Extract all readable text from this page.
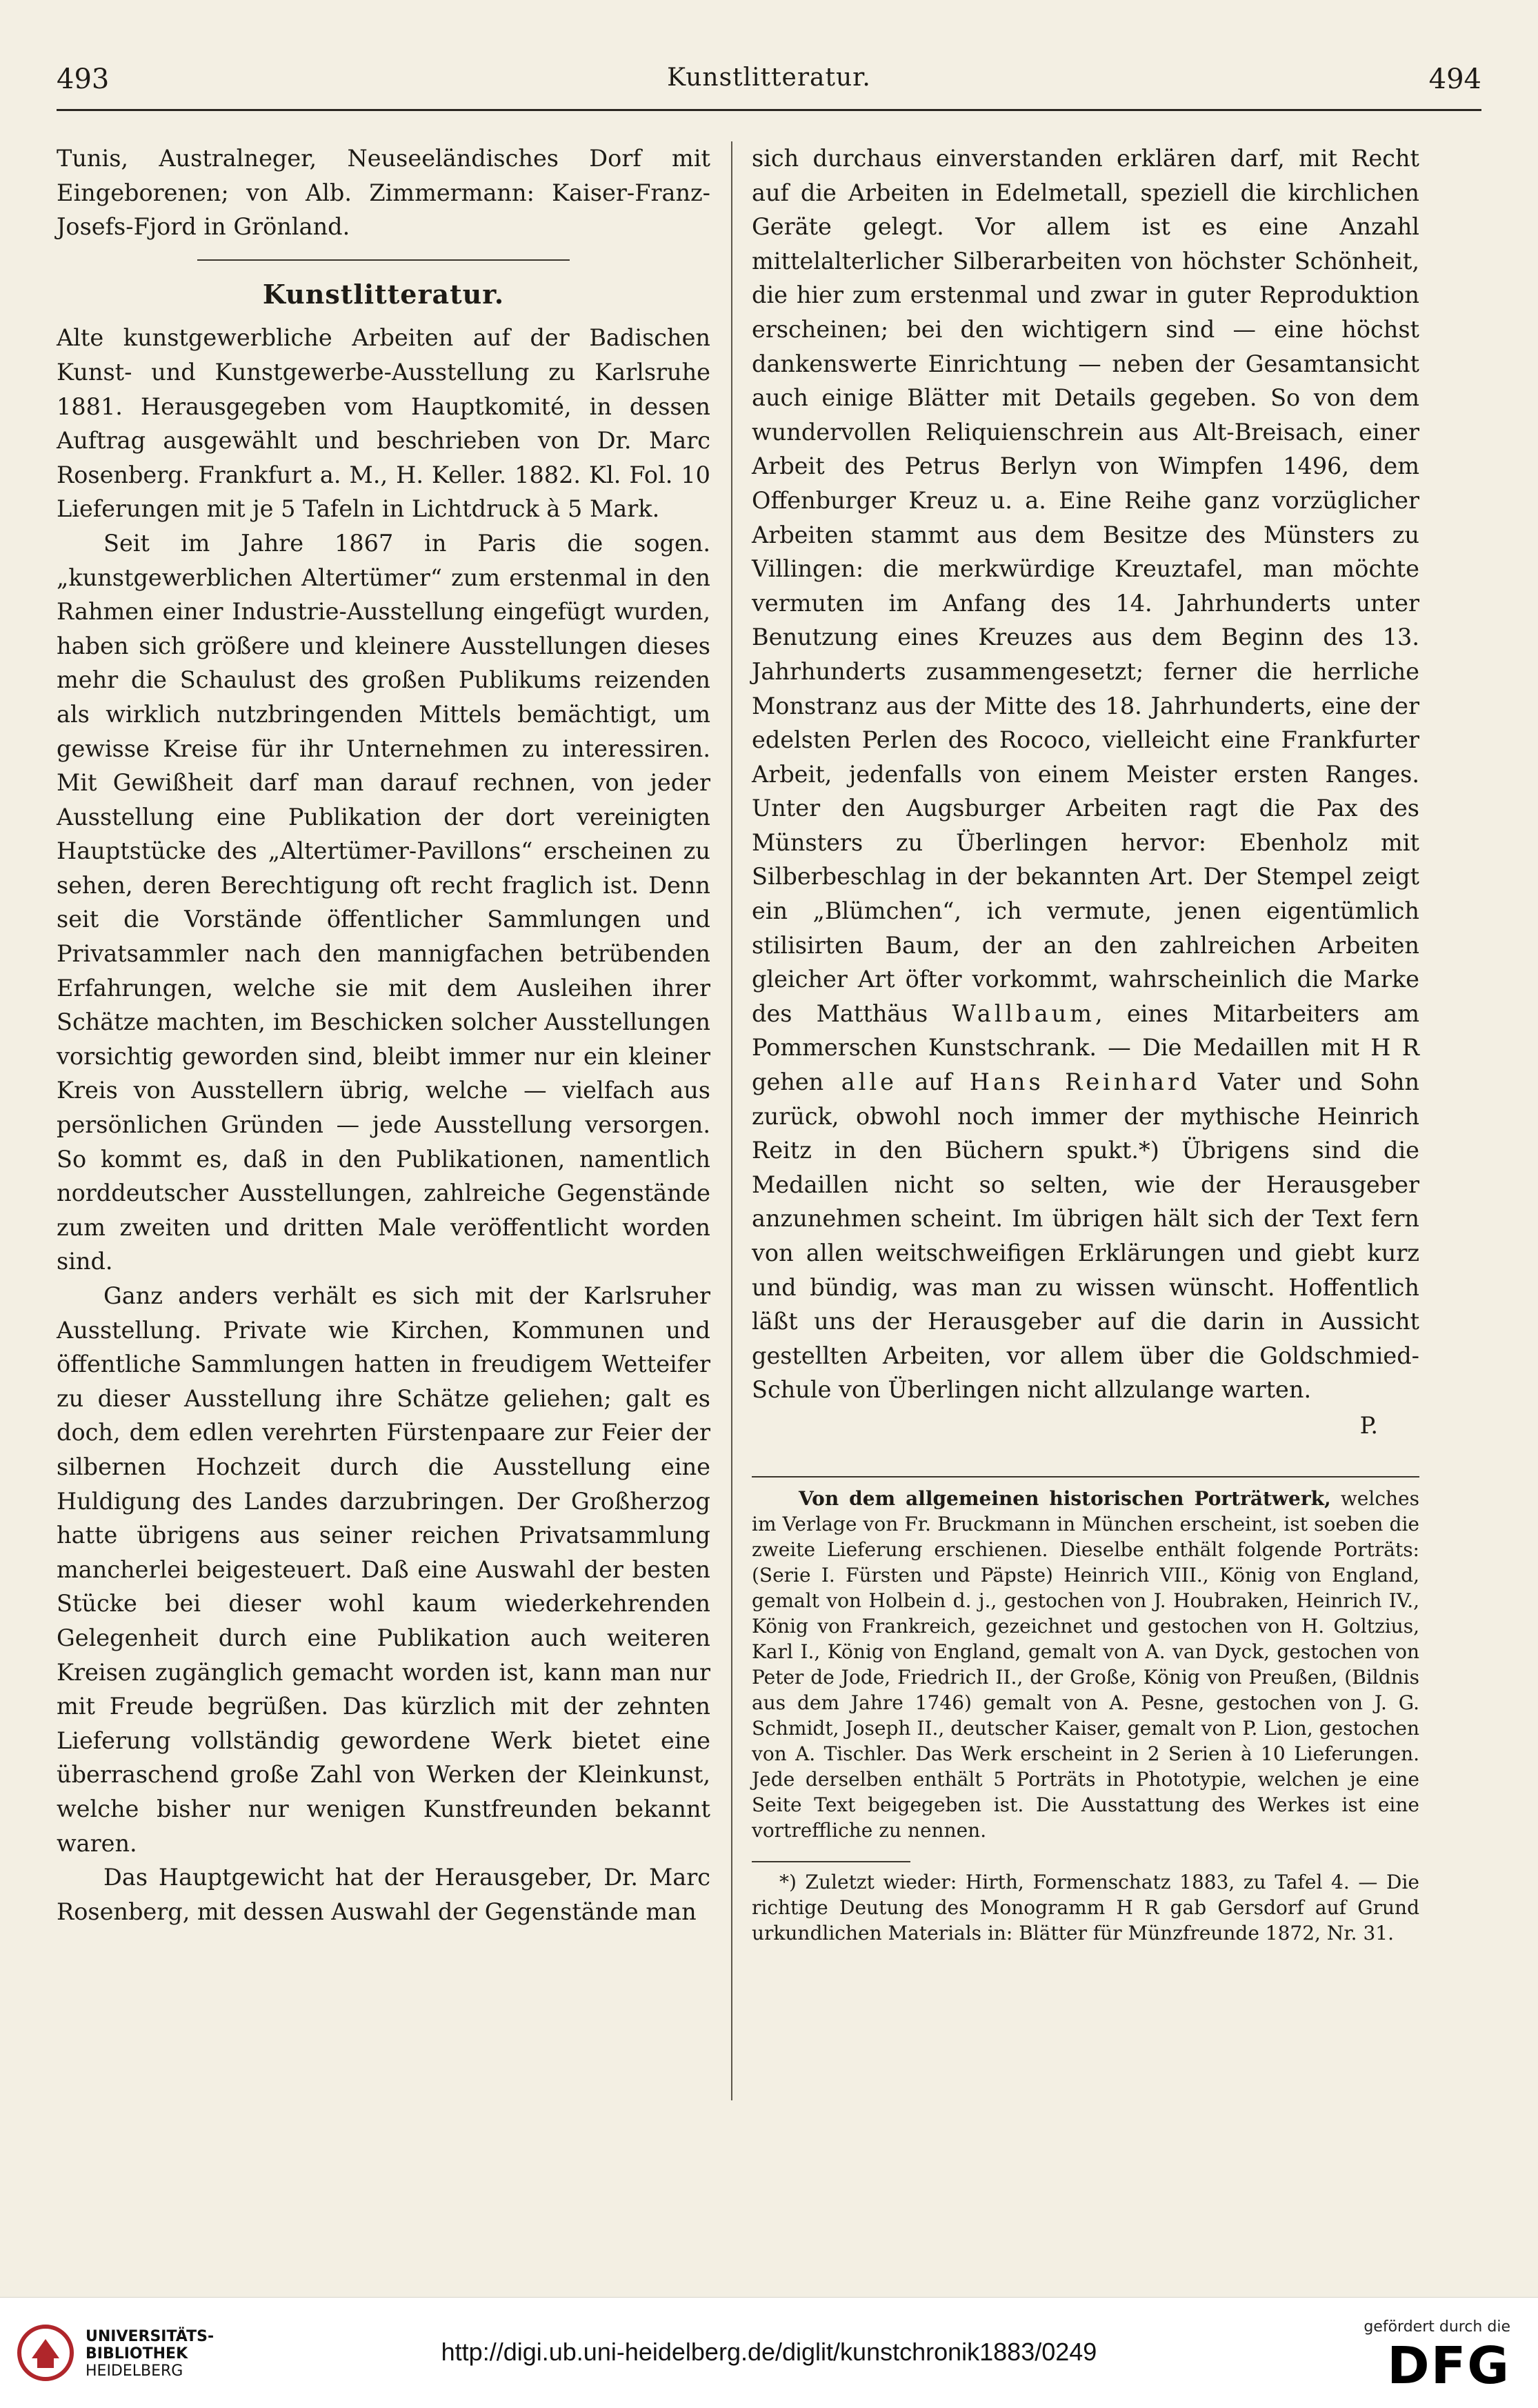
493	Kunstlitteratur.	494

Tunis, Australneger, Neuseeländisches Dorf mit Eingeborenen; von Alb. Zimmermann: Kaiser-Franz-Josefs-Fjord in Grönland.

Kunstlitteratur.

Alte kunstgewerbliche Arbeiten auf der Badischen Kunst- und Kunstgewerbe-Ausstellung zu Karlsruhe 1881. Herausgegeben vom Hauptkomité, in dessen Auftrag ausgewählt und beschrieben von Dr. Marc Rosenberg. Frankfurt a. M., H. Keller. 1882. Kl. Fol. 10 Lieferungen mit je 5 Tafeln in Lichtdruck à 5 Mark.

Seit im Jahre 1867 in Paris die sogen. „kunstgewerblichen Altertümer“ zum erstenmal in den Rahmen einer Industrie-Ausstellung eingefügt wurden, haben sich größere und kleinere Ausstellungen dieses mehr die Schaulust des großen Publikums reizenden als wirklich nutzbringenden Mittels bemächtigt, um gewisse Kreise für ihr Unternehmen zu interessiren. Mit Gewißheit darf man darauf rechnen, von jeder Ausstellung eine Publikation der dort vereinigten Hauptstücke des „Altertümer-Pavillons“ erscheinen zu sehen, deren Berechtigung oft recht fraglich ist. Denn seit die Vorstände öffentlicher Sammlungen und Privatsammler nach den mannigfachen betrübenden Erfahrungen, welche sie mit dem Ausleihen ihrer Schätze machten, im Beschicken solcher Ausstellungen vorsichtig geworden sind, bleibt immer nur ein kleiner Kreis von Ausstellern übrig, welche — vielfach aus persönlichen Gründen — jede Ausstellung versorgen. So kommt es, daß in den Publikationen, namentlich norddeutscher Ausstellungen, zahlreiche Gegenstände zum zweiten und dritten Male veröffentlicht worden sind.

Ganz anders verhält es sich mit der Karlsruher Ausstellung. Private wie Kirchen, Kommunen und öffentliche Sammlungen hatten in freudigem Wetteifer zu dieser Ausstellung ihre Schätze geliehen; galt es doch, dem edlen verehrten Fürstenpaare zur Feier der silbernen Hochzeit durch die Ausstellung eine Huldigung des Landes darzubringen. Der Großherzog hatte übrigens aus seiner reichen Privatsammlung mancherlei beigesteuert. Daß eine Auswahl der besten Stücke bei dieser wohl kaum wiederkehrenden Gelegenheit durch eine Publikation auch weiteren Kreisen zugänglich gemacht worden ist, kann man nur mit Freude begrüßen. Das kürzlich mit der zehnten Lieferung vollständig gewordene Werk bietet eine überraschend große Zahl von Werken der Kleinkunst, welche bisher nur wenigen Kunstfreunden bekannt waren.

Das Hauptgewicht hat der Herausgeber, Dr. Marc Rosenberg, mit dessen Auswahl der Gegenstände man

sich durchaus einverstanden erklären darf, mit Recht auf die Arbeiten in Edelmetall, speziell die kirchlichen Geräte gelegt. Vor allem ist es eine Anzahl mittelalterlicher Silberarbeiten von höchster Schönheit, die hier zum erstenmal und zwar in guter Reproduktion erscheinen; bei den wichtigern sind — eine höchst dankenswerte Einrichtung — neben der Gesamtansicht auch einige Blätter mit Details gegeben. So von dem wundervollen Reliquienschrein aus Alt-Breisach, einer Arbeit des Petrus Berlyn von Wimpfen 1496, dem Offenburger Kreuz u. a. Eine Reihe ganz vorzüglicher Arbeiten stammt aus dem Besitze des Münsters zu Villingen: die merkwürdige Kreuztafel, man möchte vermuten im Anfang des 14. Jahrhunderts unter Benutzung eines Kreuzes aus dem Beginn des 13. Jahrhunderts zusammengesetzt; ferner die herrliche Monstranz aus der Mitte des 18. Jahrhunderts, eine der edelsten Perlen des Rococo, vielleicht eine Frankfurter Arbeit, jedenfalls von einem Meister ersten Ranges. Unter den Augsburger Arbeiten ragt die Pax des Münsters zu Überlingen hervor: Ebenholz mit Silberbeschlag in der bekannten Art. Der Stempel zeigt ein „Blümchen“, ich vermute, jenen eigentümlich stilisirten Baum, der an den zahlreichen Arbeiten gleicher Art öfter vorkommt, wahrscheinlich die Marke des Matthäus Wallbaum, eines Mitarbeiters am Pommerschen Kunstschrank. — Die Medaillen mit H R gehen alle auf Hans Reinhard Vater und Sohn zurück, obwohl noch immer der mythische Heinrich Reitz in den Büchern spukt.*) Übrigens sind die Medaillen nicht so selten, wie der Herausgeber anzunehmen scheint. Im übrigen hält sich der Text fern von allen weitschweifigen Erklärungen und giebt kurz und bündig, was man zu wissen wünscht. Hoffentlich läßt uns der Herausgeber auf die darin in Aussicht gestellten Arbeiten, vor allem über die Goldschmied-Schule von Überlingen nicht allzulange warten.

P.

Von dem allgemeinen historischen Porträtwerk, welches im Verlage von Fr. Bruckmann in München erscheint, ist soeben die zweite Lieferung erschienen. Dieselbe enthält folgende Porträts: (Serie I. Fürsten und Päpste) Heinrich VIII., König von England, gemalt von Holbein d. j., gestochen von J. Houbraken, Heinrich IV., König von Frankreich, gezeichnet und gestochen von H. Goltzius, Karl I., König von England, gemalt von A. van Dyck, gestochen von Peter de Jode, Friedrich II., der Große, König von Preußen, (Bildnis aus dem Jahre 1746) gemalt von A. Pesne, gestochen von J. G. Schmidt, Joseph II., deutscher Kaiser, gemalt von P. Lion, gestochen von A. Tischler. Das Werk erscheint in 2 Serien à 10 Lieferungen. Jede derselben enthält 5 Porträts in Phototypie, welchen je eine Seite Text beigegeben ist. Die Ausstattung des Werkes ist eine vortreffliche zu nennen.

*) Zuletzt wieder: Hirth, Formenschatz 1883, zu Tafel 4. — Die richtige Deutung des Monogramm H R gab Gersdorf auf Grund urkundlichen Materials in: Blätter für Münzfreunde 1872, Nr. 31.

UNIVERSITÄTS-
BIBLIOTHEK
HEIDELBERG
http://digi.ub.uni-heidelberg.de/diglit/kunstchronik1883/0249
gefördert durch die
DFG
